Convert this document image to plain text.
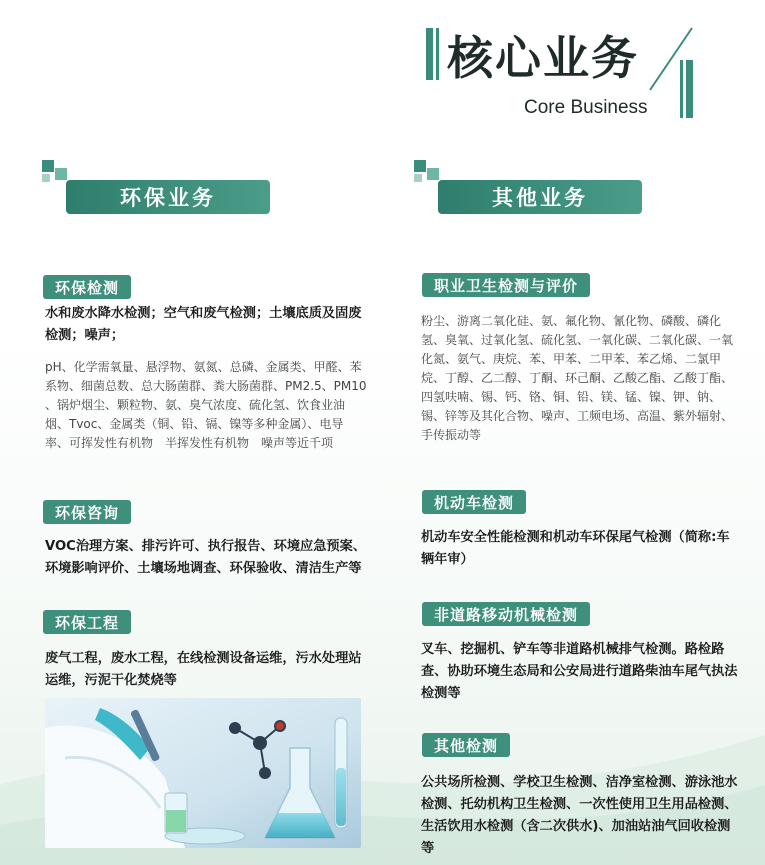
核心业务
Core Business
环保业务	其他业务
环保检测
水和废水降水检测；空气和废气检测；土壤底质及固废检测；噪声；
pH、化学需氧量、悬浮物、氨氮、总磷、金属类、甲醛、苯系物、细菌总数、总大肠菌群、粪大肠菌群、PM2.5、PM10 、锅炉烟尘、颗粒物、氨、臭气浓度、硫化氢、饮食业油烟、Tvoc、金属类（铜、铅、镉、镍等多种金属）、电导率、可挥发性有机物　半挥发性有机物　噪声等近千项
环保咨询
VOC治理方案、排污许可、执行报告、环境应急预案、环境影响评价、土壤场地调查、环保验收、清洁生产等
环保工程
废气工程，废水工程，在线检测设备运维，污水处理站运维，污泥干化焚烧等
职业卫生检测与评价
粉尘、游离二氧化硅、氨、氟化物、氰化物、磷酸、磷化氢、臭氧、过氧化氢、硫化氢、一氧化碳、二氧化碳、一氧化氮、氨气、庚烷、苯、甲苯、二甲苯、苯乙烯、二氯甲烷、丁醇、乙二醇、丁酮、环己酮、乙酸乙酯、乙酸丁酯、四氢呋喃、锡、钙、铬、铜、铅、镁、锰、镍、钾、钠、锡、锌等及其化合物、噪声、工频电场、高温、紫外辐射、手传振动等
机动车检测
机动车安全性能检测和机动车环保尾气检测（简称:车辆年审）
非道路移动机械检测
叉车、挖掘机、铲车等非道路机械排气检测。路检路查、协助环境生态局和公安局进行道路柴油车尾气执法检测等
其他检测
公共场所检测、学校卫生检测、洁净室检测、游泳池水检测、托幼机构卫生检测、一次性使用卫生用品检测、生活饮用水检测（含二次供水)、加油站油气回收检测等
